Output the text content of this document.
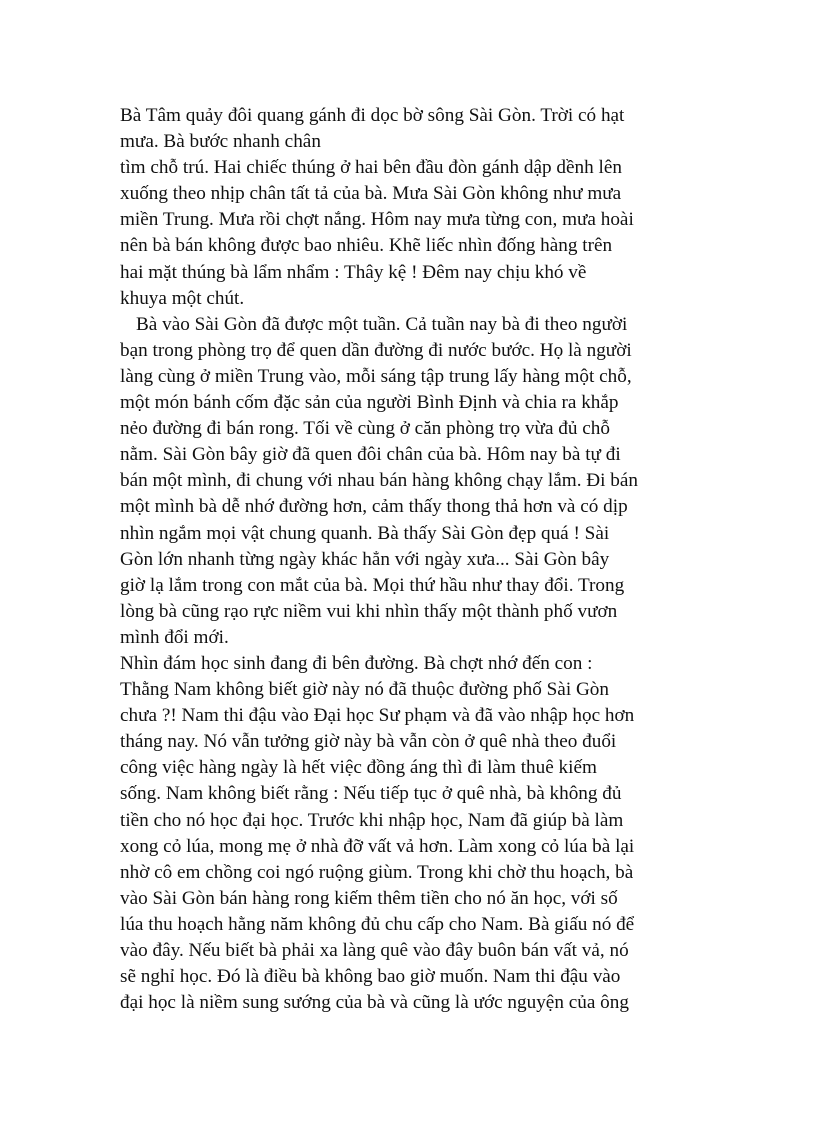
Bà Tâm quảy đôi quang gánh đi dọc bờ sông Sài Gòn. Trời có hạt
mưa. Bà bước nhanh chân
tìm chỗ trú. Hai chiếc thúng ở hai bên đầu đòn gánh dập dềnh lên
xuống theo nhịp chân tất tả của bà. Mưa Sài Gòn không như mưa
miền Trung. Mưa rồi chợt nắng. Hôm nay mưa từng con, mưa hoài
nên bà bán không được bao nhiêu. Khẽ liếc nhìn đống hàng trên
hai mặt thúng bà lẩm nhẩm : Thây kệ ! Đêm nay chịu khó về
khuya một chút.
Bà vào Sài Gòn đã được một tuần. Cả tuần nay bà đi theo người
bạn trong phòng trọ để quen dần đường đi nước bước. Họ là người
làng cùng ở miền Trung vào, mỗi sáng tập trung lấy hàng một chỗ,
một món bánh cốm đặc sản của người Bình Định và chia ra khắp
nẻo đường đi bán rong. Tối về cùng ở căn phòng trọ vừa đủ chỗ
nằm. Sài Gòn bây giờ đã quen đôi chân của bà. Hôm nay bà tự đi
bán một mình, đi chung với nhau bán hàng không chạy lắm. Đi bán
một mình bà dễ nhớ đường hơn, cảm thấy thong thả hơn và có dịp
nhìn ngắm mọi vật chung quanh. Bà thấy Sài Gòn đẹp quá ! Sài
Gòn lớn nhanh từng ngày khác hẳn với ngày xưa... Sài Gòn bây
giờ lạ lắm trong con mắt của bà. Mọi thứ hầu như thay đổi. Trong
lòng bà cũng rạo rực niềm vui khi nhìn thấy một thành phố vươn
mình đổi mới.
Nhìn đám học sinh đang đi bên đường. Bà chợt nhớ đến con :
Thằng Nam không biết giờ này nó đã thuộc đường phố Sài Gòn
chưa ?! Nam thi đậu vào Đại học Sư phạm và đã vào nhập học hơn
tháng nay. Nó vẫn tưởng giờ này bà vẫn còn ở quê nhà theo đuổi
công việc hàng ngày là hết việc đồng áng thì đi làm thuê kiếm
sống. Nam không biết rằng : Nếu tiếp tục ở quê nhà, bà không đủ
tiền cho nó học đại học. Trước khi nhập học, Nam đã giúp bà làm
xong cỏ lúa, mong mẹ ở nhà đỡ vất vả hơn. Làm xong cỏ lúa bà lại
nhờ cô em chồng coi ngó ruộng giùm. Trong khi chờ thu hoạch, bà
vào Sài Gòn bán hàng rong kiếm thêm tiền cho nó ăn học, với số
lúa thu hoạch hằng năm không đủ chu cấp cho Nam. Bà giấu nó để
vào đây. Nếu biết bà phải xa làng quê vào đây buôn bán vất vả, nó
sẽ nghỉ học. Đó là điều bà không bao giờ muốn. Nam thi đậu vào
đại học là niềm sung sướng của bà và cũng là ước nguyện của ông
